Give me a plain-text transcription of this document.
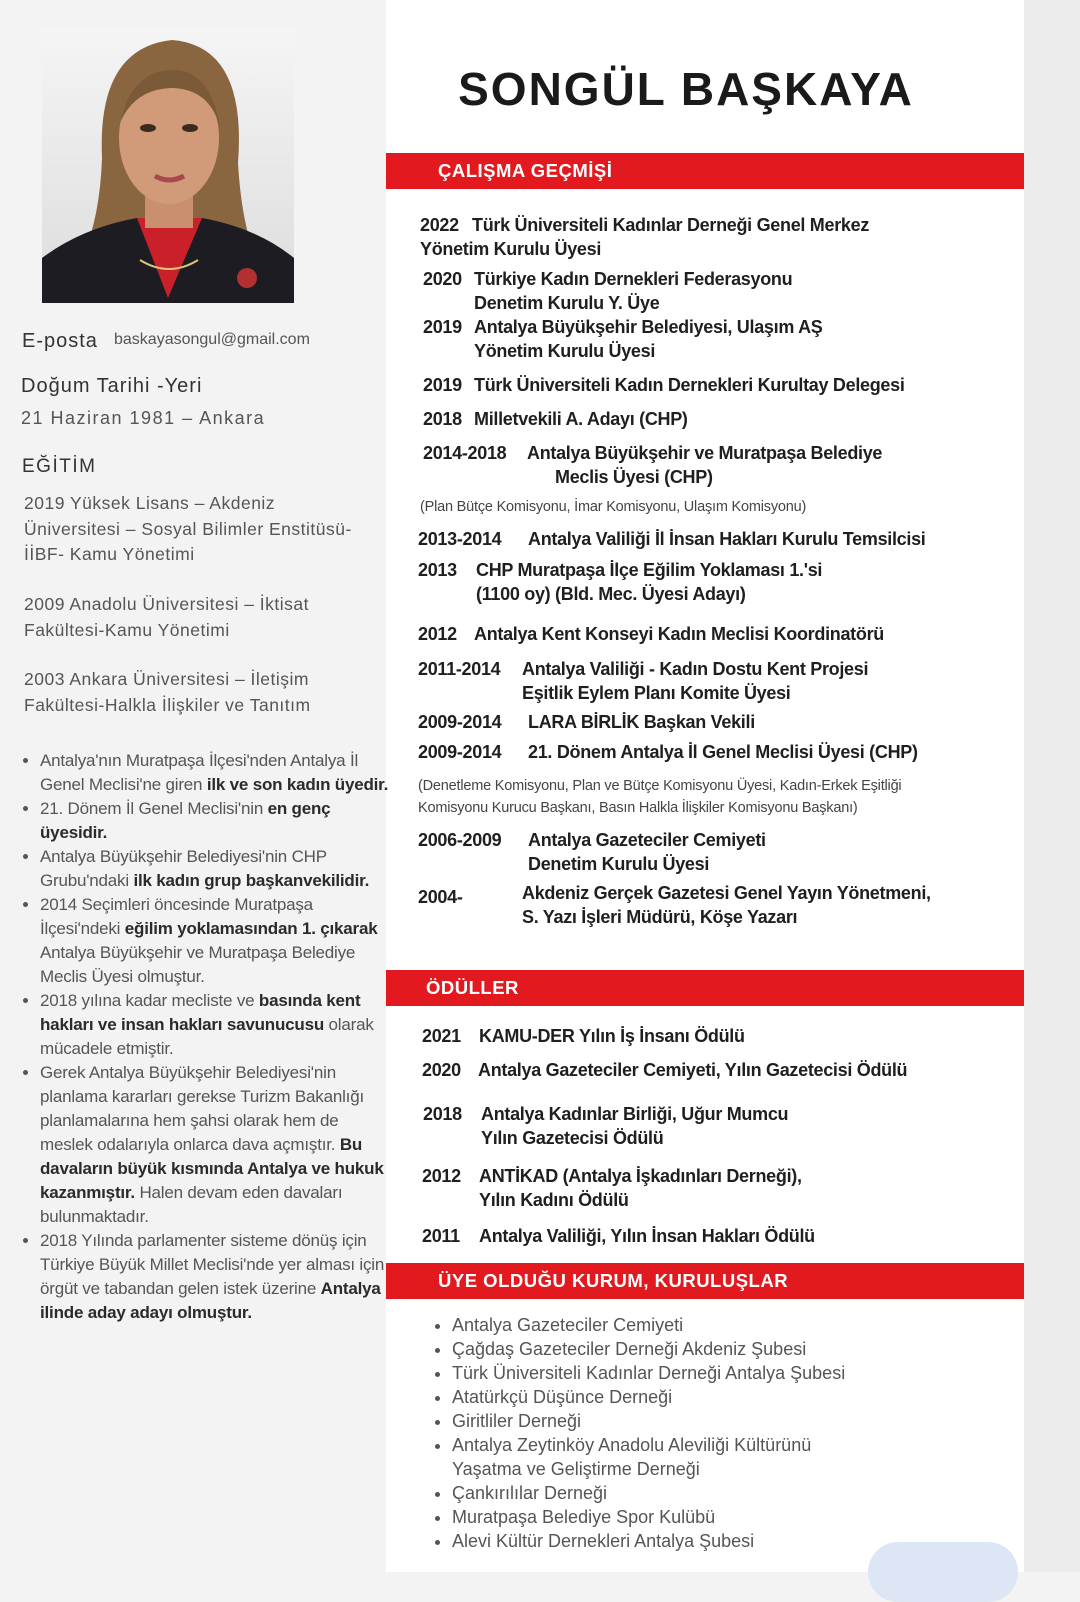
E-posta baskayasongul@gmail.com
Doğum Tarihi -Yeri
21 Haziran 1981 – Ankara
EĞİTİM
2019 Yüksek Lisans – Akdeniz Üniversitesi – Sosyal Bilimler Enstitüsü- İİBF- Kamu Yönetimi
2009 Anadolu Üniversitesi – İktisat Fakültesi-Kamu Yönetimi
2003 Ankara Üniversitesi – İletişim Fakültesi-Halkla İlişkiler ve Tanıtım
• Antalya'nın Muratpaşa İlçesi'nden Antalya İl Genel Meclisi'ne giren ilk ve son kadın üyedir.
• 21. Dönem İl Genel Meclisi'nin en genç üyesidir.
• Antalya Büyükşehir Belediyesi'nin CHP Grubu'ndaki ilk kadın grup başkanvekilidir.
• 2014 Seçimleri öncesinde Muratpaşa İlçesi'ndeki eğilim yoklamasından 1. çıkarak Antalya Büyükşehir ve Muratpaşa Belediye Meclis Üyesi olmuştur.
• 2018 yılına kadar mecliste ve basında kent hakları ve insan hakları savunucusu olarak mücadele etmiştir.
• Gerek Antalya Büyükşehir Belediyesi'nin planlama kararları gerekse Turizm Bakanlığı planlamalarına hem şahsi olarak hem de meslek odalarıyla onlarca dava açmıştır. Bu davaların büyük kısmında Antalya ve hukuk kazanmıştır. Halen devam eden davaları bulunmaktadır.
• 2018 Yılında parlamenter sisteme dönüş için Türkiye Büyük Millet Meclisi'nde yer alması için örgüt ve tabandan gelen istek üzerine Antalya ilinde aday adayı olmuştur.
SONGÜL BAŞKAYA
ÇALIŞMA GEÇMİŞİ
2022 Türk Üniversiteli Kadınlar Derneği Genel Merkez
Yönetim Kurulu Üyesi
2020 Türkiye Kadın Dernekleri Federasyonu
Denetim Kurulu Y. Üye
2019 Antalya Büyükşehir Belediyesi, Ulaşım AŞ
Yönetim Kurulu Üyesi
2019 Türk Üniversiteli Kadın Dernekleri Kurultay Delegesi
2018 Milletvekili A. Adayı (CHP)
2014-2018 Antalya Büyükşehir ve Muratpaşa Belediye
Meclis Üyesi (CHP)
(Plan Bütçe Komisyonu, İmar Komisyonu, Ulaşım Komisyonu)
2013-2014 Antalya Valiliği İl İnsan Hakları Kurulu Temsilcisi
2013 CHP Muratpaşa İlçe Eğilim Yoklaması 1.'si
(1100 oy) (Bld. Mec. Üyesi Adayı)
2012 Antalya Kent Konseyi Kadın Meclisi Koordinatörü
2011-2014 Antalya Valiliği - Kadın Dostu Kent Projesi
Eşitlik Eylem Planı Komite Üyesi
2009-2014 LARA BİRLİK Başkan Vekili
2009-2014 21. Dönem Antalya İl Genel Meclisi Üyesi (CHP)
(Denetleme Komisyonu, Plan ve Bütçe Komisyonu Üyesi, Kadın-Erkek Eşitliği
Komisyonu Kurucu Başkanı, Basın Halkla İlişkiler Komisyonu Başkanı)
2006-2009 Antalya Gazeteciler Cemiyeti
Denetim Kurulu Üyesi
2004-	Akdeniz Gerçek Gazetesi Genel Yayın Yönetmeni,
S. Yazı İşleri Müdürü, Köşe Yazarı
ÖDÜLLER
2021 KAMU-DER Yılın İş İnsanı Ödülü
2020 Antalya Gazeteciler Cemiyeti, Yılın Gazetecisi Ödülü
2018 Antalya Kadınlar Birliği, Uğur Mumcu
Yılın Gazetecisi Ödülü
2012 ANTİKAD (Antalya İşkadınları Derneği),
Yılın Kadını Ödülü
2011 Antalya Valiliği, Yılın İnsan Hakları Ödülü
ÜYE OLDUĞU KURUM, KURULUŞLAR
• Antalya Gazeteciler Cemiyeti
• Çağdaş Gazeteciler Derneği Akdeniz Şubesi
• Türk Üniversiteli Kadınlar Derneği Antalya Şubesi
• Atatürkçü Düşünce Derneği
• Giritliler Derneği
• Antalya Zeytinköy Anadolu Aleviliği Kültürünü Yaşatma ve Geliştirme Derneği
• Çankırılılar Derneği
• Muratpaşa Belediye Spor Kulübü
• Alevi Kültür Dernekleri Antalya Şubesi
